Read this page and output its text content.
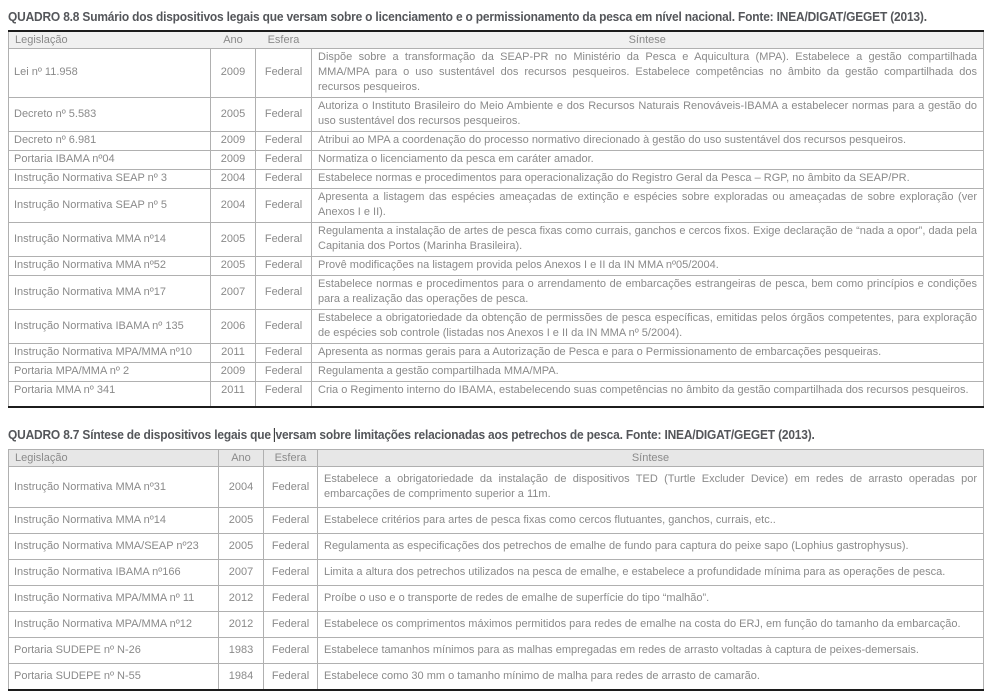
QUADRO 8.8 Sumário dos dispositivos legais que versam sobre o licenciamento e o permissionamento da pesca em nível nacional. Fonte: INEA/DIGAT/GEGET (2013).

Legislação	Ano	Esfera	Síntese
Lei nº 11.958	2009	Federal	Dispõe sobre a transformação da SEAP-PR no Ministério da Pesca e Aquicultura (MPA). Estabelece a gestão compartilhada MMA/MPA para o uso sustentável dos recursos pesqueiros. Estabelece competências no âmbito da gestão compartilhada dos recursos pesqueiros.
Decreto nº 5.583	2005	Federal	Autoriza o Instituto Brasileiro do Meio Ambiente e dos Recursos Naturais Renováveis-IBAMA a estabelecer normas para a gestão do uso sustentável dos recursos pesqueiros.
Decreto nº 6.981	2009	Federal	Atribui ao MPA a coordenação do processo normativo direcionado à gestão do uso sustentável dos recursos pesqueiros.
Portaria IBAMA nº04	2009	Federal	Normatiza o licenciamento da pesca em caráter amador.
Instrução Normativa SEAP nº 3	2004	Federal	Estabelece normas e procedimentos para operacionalização do Registro Geral da Pesca – RGP, no âmbito da SEAP/PR.
Instrução Normativa SEAP nº 5	2004	Federal	Apresenta a listagem das espécies ameaçadas de extinção e espécies sobre exploradas ou ameaçadas de sobre exploração (ver Anexos I e II).
Instrução Normativa MMA nº14	2005	Federal	Regulamenta a instalação de artes de pesca fixas como currais, ganchos e cercos fixos. Exige declaração de “nada a opor”, dada pela Capitania dos Portos (Marinha Brasileira).
Instrução Normativa MMA nº52	2005	Federal	Provê modificações na listagem provida pelos Anexos I e II da IN MMA nº05/2004.
Instrução Normativa MMA nº17	2007	Federal	Estabelece normas e procedimentos para o arrendamento de embarcações estrangeiras de pesca, bem como princípios e condições para a realização das operações de pesca.
Instrução Normativa IBAMA nº 135	2006	Federal	Estabelece a obrigatoriedade da obtenção de permissões de pesca específicas, emitidas pelos órgãos competentes, para exploração de espécies sob controle (listadas nos Anexos I e II da IN MMA nº 5/2004).
Instrução Normativa MPA/MMA nº10	2011	Federal	Apresenta as normas gerais para a Autorização de Pesca e para o Permissionamento de embarcações pesqueiras.
Portaria MPA/MMA nº 2	2009	Federal	Regulamenta a gestão compartilhada MMA/MPA.
Portaria MMA nº 341	2011	Federal	Cria o Regimento interno do IBAMA, estabelecendo suas competências no âmbito da gestão compartilhada dos recursos pesqueiros.

QUADRO 8.7 Síntese de dispositivos legais que versam sobre limitações relacionadas aos petrechos de pesca. Fonte: INEA/DIGAT/GEGET (2013).

Legislação	Ano	Esfera	Síntese
Instrução Normativa MMA nº31	2004	Federal	Estabelece a obrigatoriedade da instalação de dispositivos TED (Turtle Excluder Device) em redes de arrasto operadas por embarcações de comprimento superior a 11m.
Instrução Normativa MMA nº14	2005	Federal	Estabelece critérios para artes de pesca fixas como cercos flutuantes, ganchos, currais, etc..
Instrução Normativa MMA/SEAP nº23	2005	Federal	Regulamenta as especificações dos petrechos de emalhe de fundo para captura do peixe sapo (Lophius gastrophysus).
Instrução Normativa IBAMA nº166	2007	Federal	Limita a altura dos petrechos utilizados na pesca de emalhe, e estabelece a profundidade mínima para as operações de pesca.
Instrução Normativa MPA/MMA nº 11	2012	Federal	Proíbe o uso e o transporte de redes de emalhe de superfície do tipo “malhão”.
Instrução Normativa MPA/MMA nº12	2012	Federal	Estabelece os comprimentos máximos permitidos para redes de emalhe na costa do ERJ, em função do tamanho da embarcação.
Portaria SUDEPE nº N-26	1983	Federal	Estabelece tamanhos mínimos para as malhas empregadas em redes de arrasto voltadas à captura de peixes-demersais.
Portaria SUDEPE nº N-55	1984	Federal	Estabelece como 30 mm o tamanho mínimo de malha para redes de arrasto de camarão.
